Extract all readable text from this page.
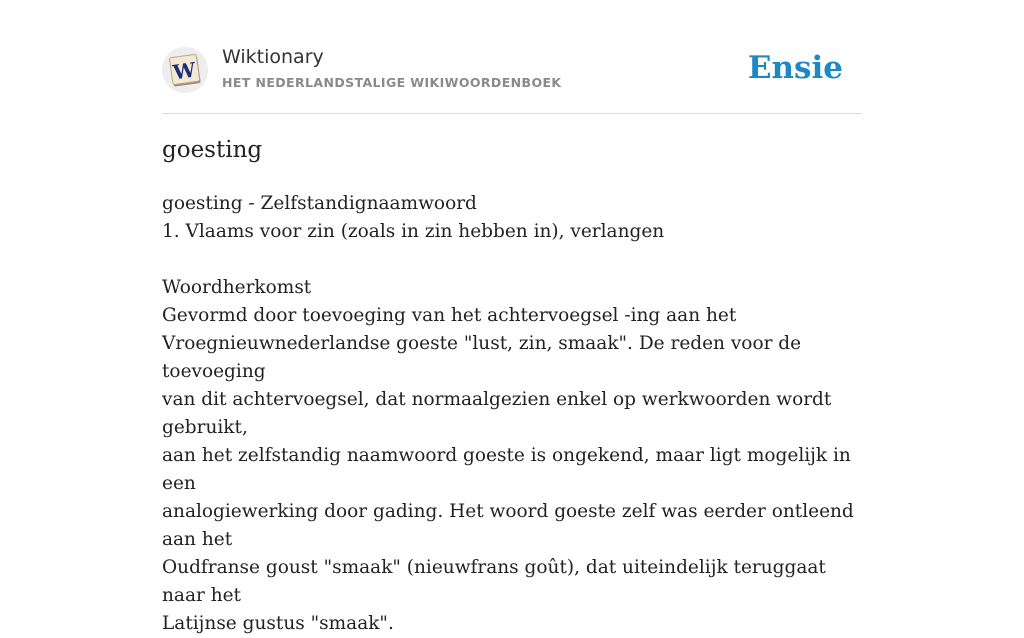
W
Wiktionary
HET NEDERLANDSTALIGE WIKIWOORDENBOEK	Ensie
goesting

goesting - Zelfstandignaamwoord

1. Vlaams voor zin (zoals in zin hebben in), verlangen

Woordherkomst

Gevormd door toevoeging van het achtervoegsel -ing aan het
Vroegnieuwnederlandse goeste "lust, zin, smaak". De reden voor de toevoeging
van dit achtervoegsel, dat normaalgezien enkel op werkwoorden wordt gebruikt,
aan het zelfstandig naamwoord goeste is ongekend, maar ligt mogelijk in een
analogiewerking door gading. Het woord goeste zelf was eerder ontleend aan het
Oudfranse goust "smaak" (nieuwfrans goût), dat uiteindelijk teruggaat naar het
Latijnse gustus "smaak".
